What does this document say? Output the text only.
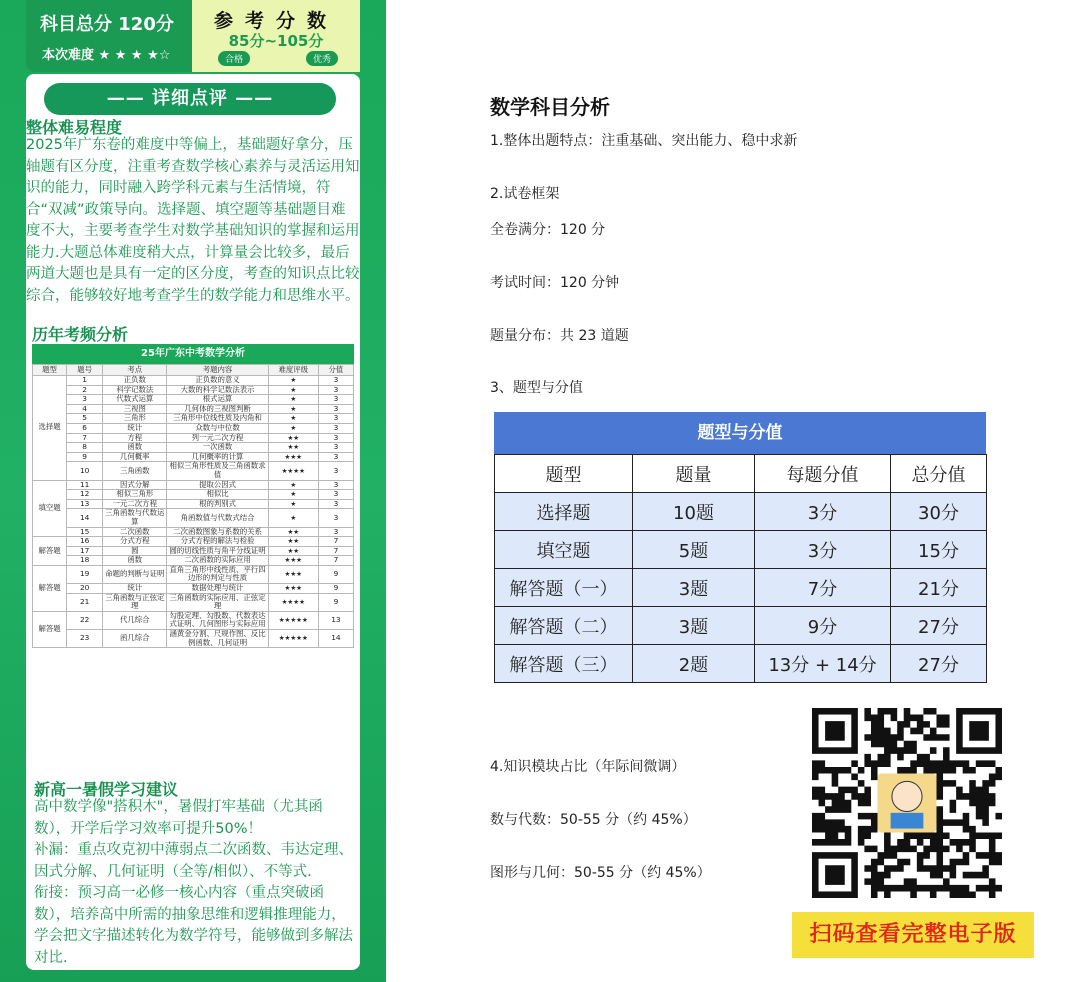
科目总分 120分
本次难度 ★ ★ ★ ★☆
参考分数
85分~105分
合格	优秀
—— 详细点评 ——
整体难易程度
2025年广东卷的难度中等偏上，基础题好拿分，压轴题有区分度，注重考查数学核心素养与灵活运用知识的能力，同时融入跨学科元素与生活情境，符合“双减”政策导向。选择题、填空题等基础题目难度不大，主要考查学生对数学基础知识的掌握和运用能力.大题总体难度稍大点，计算量会比较多，最后两道大题也是具有一定的区分度，考查的知识点比较综合，能够较好地考查学生的数学能力和思维水平。
历年考频分析
25年广东中考数学分析
题型	题号	考点	考题内容	难度评级	分值
选择题	1	正负数	正负数的意义	★	3
	2	科学记数法	大数的科学记数法表示	★	3
	3	代数式运算	根式运算	★	3
	4	三视图	几何体的三视图判断	★	3
	5	三角形	三角形中位线性质及内角和	★	3
	6	统计	众数与中位数	★	3
	7	方程	列一元二次方程	★★	3
	8	函数	一次函数	★★	3
	9	几何概率	几何概率的计算	★★★	3
	10	三角函数	相似三角形性质及三角函数求值	★★★★	3
填空题	11	因式分解	提取公因式	★	3
	12	相似三角形	相似比	★	3
	13	一元二次方程	根的判别式	★	3
	14	三角函数与代数运算	角函数值与代数式结合	★	3
	15	二次函数	二次函数图象与系数的关系	★★	3
解答题	16	分式方程	分式方程的解法与检验	★★	7
	17	圆	圆的切线性质与角平分线证明	★★	7
	18	函数	二次函数的实际应用	★★★	7
解答题	19	命题的判断与证明	直角三角形中线性质、平行四边形的判定与性质	★★★	9
	20	统计	数据处理与统计	★★★	9
	21	三角函数与正弦定理	三角函数的实际应用、正弦定理	★★★★	9
解答题	22	代几综合	勾股定理、勾股数、代数表达式证明、几何图形与实际应用	★★★★★	13
	23	函几综合	涵黄金分割、尺规作图、反比例函数、几何证明	★★★★★	14
新高一暑假学习建议
高中数学像"搭积木"，暑假打牢基础（尤其函数），开学后学习效率可提升50%！
补漏：重点攻克初中薄弱点二次函数、韦达定理、因式分解、几何证明（全等/相似）、不等式.
衔接：预习高一必修一核心内容（重点突破函数），培养高中所需的抽象思维和逻辑推理能力，学会把文字描述转化为数学符号，能够做到多解法对比.
数学科目分析
1.整体出题特点：注重基础、突出能力、稳中求新
2.试卷框架
全卷满分：120 分
考试时间：120 分钟
题量分布：共 23 道题
3、题型与分值
题型与分值
题型	题量	每题分值	总分值
选择题	10题	3分	30分
填空题	5题	3分	15分
解答题（一）	3题	7分	21分
解答题（二）	3题	9分	27分
解答题（三）	2题	13分 + 14分	27分
4.知识模块占比（年际间微调）
数与代数：50-55 分（约 45%）
图形与几何：50-55 分（约 45%）
扫码查看完整电子版
